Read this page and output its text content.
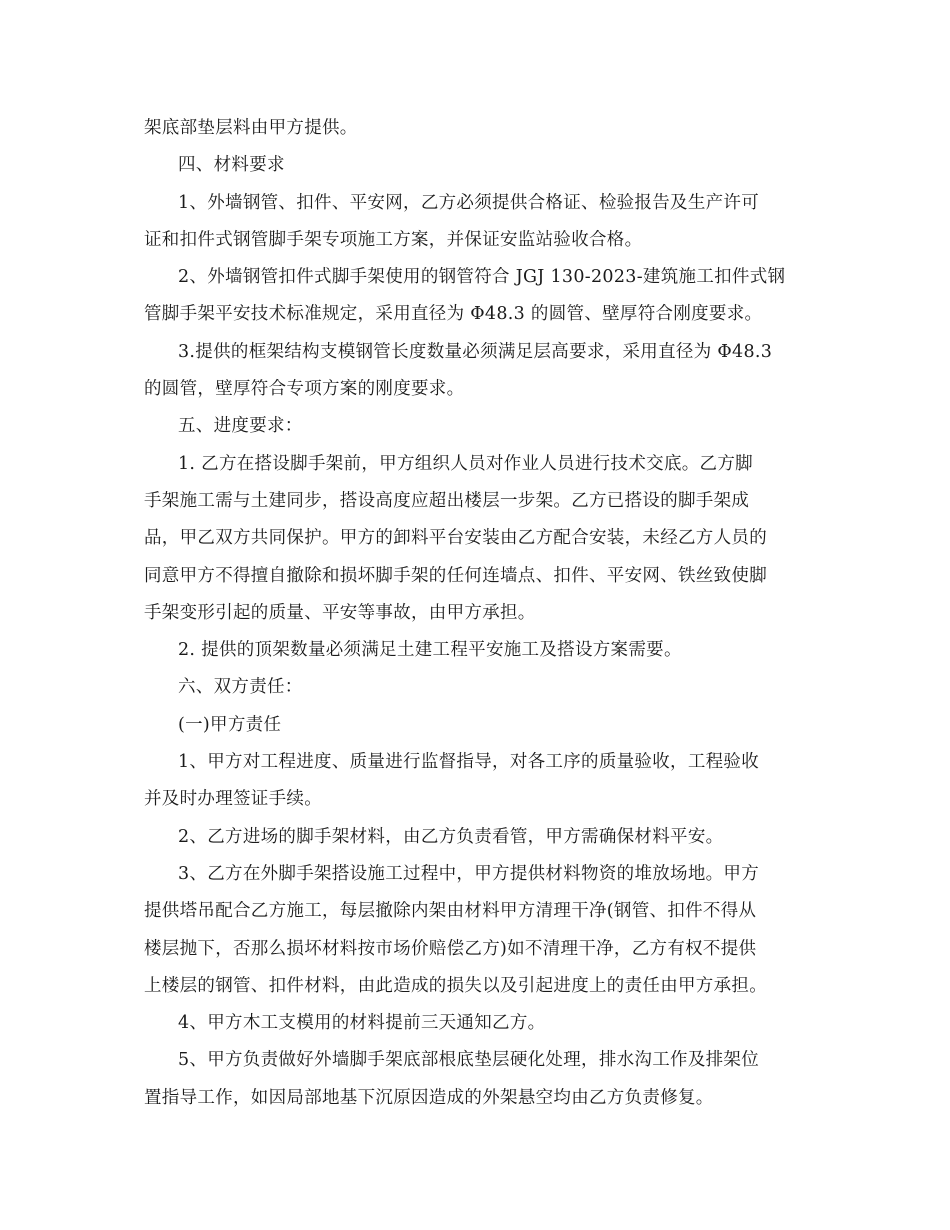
架底部垫层料由甲方提供。
四、材料要求
1、外墙钢管、扣件、平安网，乙方必须提供合格证、检验报告及生产许可
证和扣件式钢管脚手架专项施工方案，并保证安监站验收合格。
2、外墙钢管扣件式脚手架使用的钢管符合 JGJ 130-2023-建筑施工扣件式钢
管脚手架平安技术标准规定，采用直径为 Φ48.3 的圆管、壁厚符合刚度要求。
3.提供的框架结构支模钢管长度数量必须满足层高要求，采用直径为 Φ48.3
的圆管，壁厚符合专项方案的刚度要求。
五、进度要求：
1. 乙方在搭设脚手架前，甲方组织人员对作业人员进行技术交底。乙方脚
手架施工需与土建同步，搭设高度应超出楼层一步架。乙方已搭设的脚手架成
品，甲乙双方共同保护。甲方的卸料平台安装由乙方配合安装，未经乙方人员的
同意甲方不得擅自撤除和损坏脚手架的任何连墙点、扣件、平安网、铁丝致使脚
手架变形引起的质量、平安等事故，由甲方承担。
2. 提供的顶架数量必须满足土建工程平安施工及搭设方案需要。
六、双方责任：
(一)甲方责任
1、甲方对工程进度、质量进行监督指导，对各工序的质量验收，工程验收
并及时办理签证手续。
2、乙方进场的脚手架材料，由乙方负责看管，甲方需确保材料平安。
3、乙方在外脚手架搭设施工过程中，甲方提供材料物资的堆放场地。甲方
提供塔吊配合乙方施工，每层撤除内架由材料甲方清理干净(钢管、扣件不得从
楼层抛下，否那么损坏材料按市场价赔偿乙方)如不清理干净，乙方有权不提供
上楼层的钢管、扣件材料，由此造成的损失以及引起进度上的责任由甲方承担。
4、甲方木工支模用的材料提前三天通知乙方。
5、甲方负责做好外墙脚手架底部根底垫层硬化处理，排水沟工作及排架位
置指导工作，如因局部地基下沉原因造成的外架悬空均由乙方负责修复。
